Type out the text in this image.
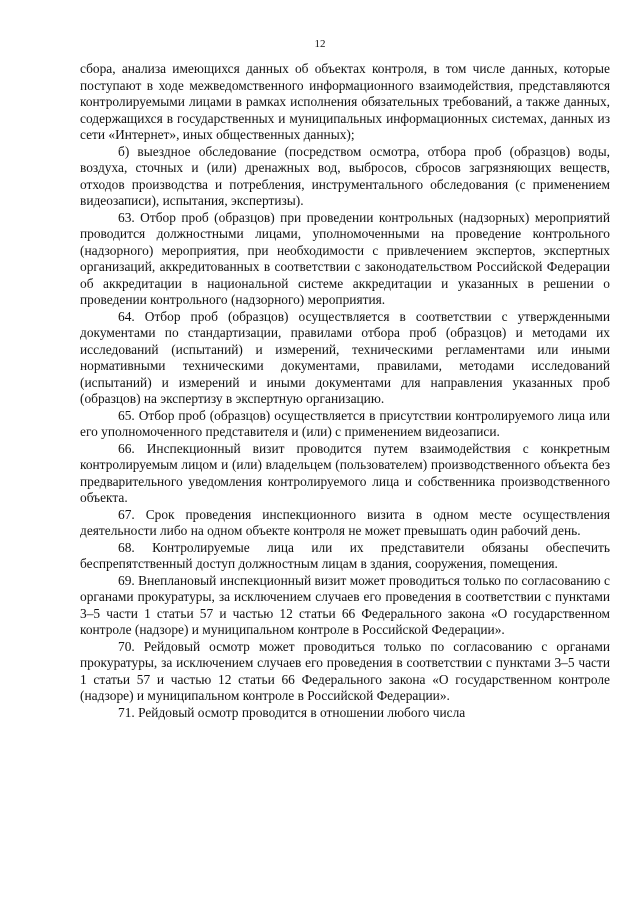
12

сбора, анализа имеющихся данных об объектах контроля, в том числе данных, которые поступают в ходе межведомственного информационного взаимодействия, представляются контролируемыми лицами в рамках исполнения обязательных требований, а также данных, содержащихся в государственных и муниципальных информационных системах, данных из сети «Интернет», иных общественных данных);

б) выездное обследование (посредством осмотра, отбора проб (образцов) воды, воздуха, сточных и (или) дренажных вод, выбросов, сбросов загрязняющих веществ, отходов производства и потребления, инструментального обследования (с применением видеозаписи), испытания, экспертизы).

63. Отбор проб (образцов) при проведении контрольных (надзорных) мероприятий проводится должностными лицами, уполномоченными на проведение контрольного (надзорного) мероприятия, при необходимости с привлечением экспертов, экспертных организаций, аккредитованных в соответствии с законодательством Российской Федерации об аккредитации в национальной системе аккредитации и указанных в решении о проведении контрольного (надзорного) мероприятия.

64. Отбор проб (образцов) осуществляется в соответствии с утвержденными документами по стандартизации, правилами отбора проб (образцов) и методами их исследований (испытаний) и измерений, техническими регламентами или иными нормативными техническими документами, правилами, методами исследований (испытаний) и измерений и иными документами для направления указанных проб (образцов) на экспертизу в экспертную организацию.

65. Отбор проб (образцов) осуществляется в присутствии контролируемого лица или его уполномоченного представителя и (или) с применением видеозаписи.

66. Инспекционный визит проводится путем взаимодействия с конкретным контролируемым лицом и (или) владельцем (пользователем) производственного объекта без предварительного уведомления контролируемого лица и собственника производственного объекта.

67. Срок проведения инспекционного визита в одном месте осуществления деятельности либо на одном объекте контроля не может превышать один рабочий день.

68. Контролируемые лица или их представители обязаны обеспечить беспрепятственный доступ должностным лицам в здания, сооружения, помещения.

69. Внеплановый инспекционный визит может проводиться только по согласованию с органами прокуратуры, за исключением случаев его проведения в соответствии с пунктами 3–5 части 1 статьи 57 и частью 12 статьи 66 Федерального закона «О государственном контроле (надзоре) и муниципальном контроле в Российской Федерации».

70. Рейдовый осмотр может проводиться только по согласованию с органами прокуратуры, за исключением случаев его проведения в соответствии с пунктами 3–5 части 1 статьи 57 и частью 12 статьи 66 Федерального закона «О государственном контроле (надзоре) и муниципальном контроле в Российской Федерации».

71. Рейдовый осмотр проводится в отношении любого числа
